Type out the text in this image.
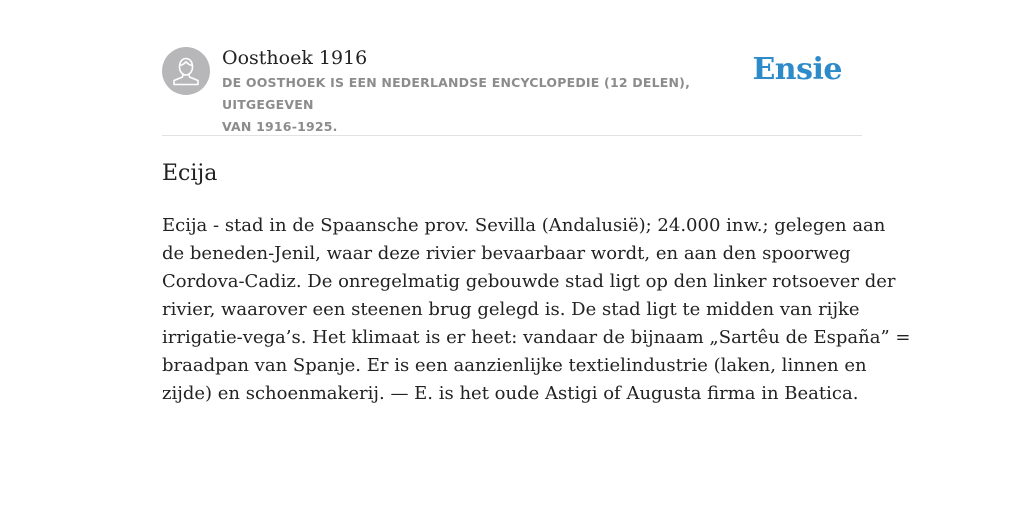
Oosthoek 1916
DE OOSTHOEK IS EEN NEDERLANDSE ENCYCLOPEDIE (12 DELEN), UITGEGEVEN
VAN 1916-1925.
Ensie
Ecija
Ecija - stad in de Spaansche prov. Sevilla (Andalusië); 24.000 inw.; gelegen aan
de beneden-Jenil, waar deze rivier bevaarbaar wordt, en aan den spoorweg
Cordova-Cadiz. De onregelmatig gebouwde stad ligt op den linker rotsoever der
rivier, waarover een steenen brug gelegd is. De stad ligt te midden van rijke
irrigatie-vega’s. Het klimaat is er heet: vandaar de bijnaam „Sartêu de España” =
braadpan van Spanje. Er is een aanzienlijke textielindustrie (laken, linnen en
zijde) en schoenmakerij. — E. is het oude Astigi of Augusta firma in Beatica.
